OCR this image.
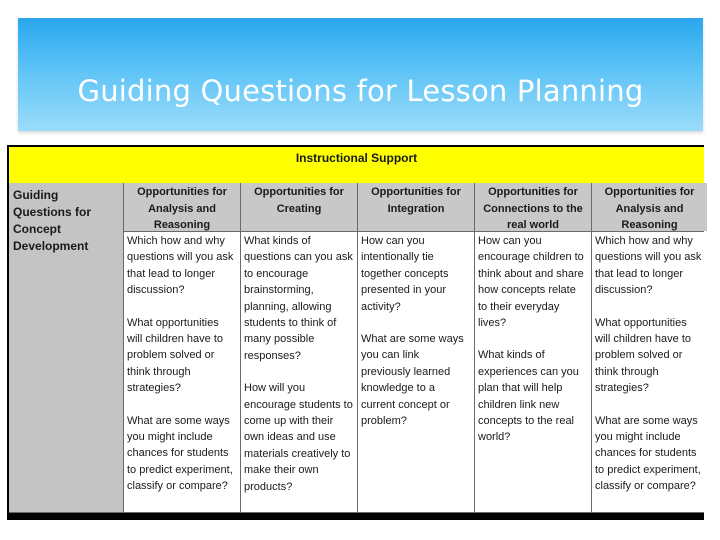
Guiding Questions for Lesson Planning
Instructional Support
Guiding Questions for Concept Development
Opportunities for Analysis and Reasoning
Opportunities for Creating
Opportunities for Integration
Opportunities for Connections to the real world
Opportunities for Analysis and Reasoning

Which how and why questions will you ask that lead to longer discussion?

What opportunities will children have to problem solved or think through strategies?

What are some ways you might include chances for students to predict experiment, classify or compare?

What kinds of questions can you ask to encourage brainstorming, planning, allowing students to think of many possible responses?

How will you encourage students to come up with their own ideas and use materials creatively to make their own products?

How can you intentionally tie together concepts presented in your activity?

What are some ways you can link previously learned knowledge to a current concept or problem?

How can you encourage children to think about and share how concepts relate to their everyday lives?

What kinds of experiences can you plan that will help children link new concepts to the real world?

Which how and why questions will you ask that lead to longer discussion?

What opportunities will children have to problem solved or think through strategies?

What are some ways you might include chances for students to predict experiment, classify or compare?
